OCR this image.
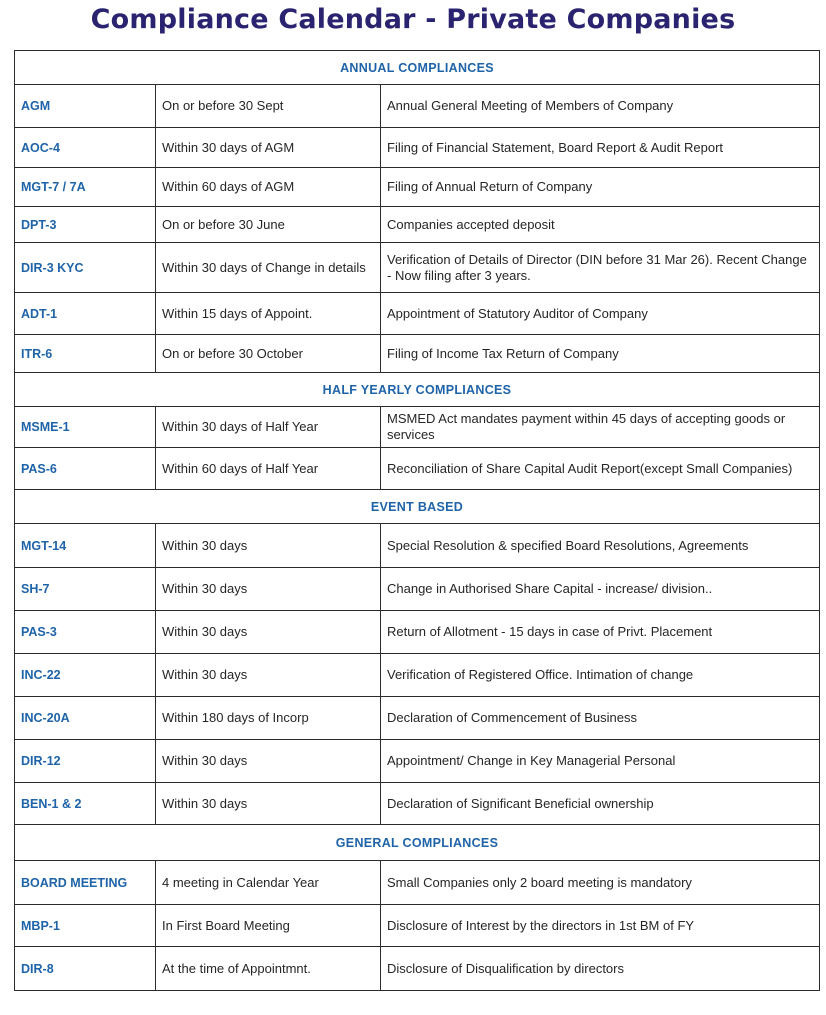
Compliance Calendar - Private Companies
ANNUAL COMPLIANCES		
AGM	On or before 30 Sept	Annual General Meeting of Members of Company
AOC-4	Within 30 days of AGM	Filing of Financial Statement, Board Report & Audit Report
MGT-7 / 7A	Within 60 days of AGM	Filing of Annual Return of Company
DPT-3	On or before 30 June	Companies accepted deposit
DIR-3 KYC	Within 30 days of Change in details	Verification of Details of Director (DIN before 31 Mar 26). Recent Change - Now filing after 3 years.
ADT-1	Within 15 days of Appoint.	Appointment of Statutory Auditor of Company
ITR-6	On or before 30 October	Filing of Income Tax Return of Company
HALF YEARLY COMPLIANCES		
MSME-1	Within 30 days of Half Year	MSMED Act mandates payment within 45 days of accepting goods or services
PAS-6	Within 60 days of Half Year	Reconciliation of Share Capital Audit Report(except Small Companies)
EVENT BASED		
MGT-14	Within 30 days	Special Resolution & specified Board Resolutions, Agreements
SH-7	Within 30 days	Change in Authorised Share Capital - increase/ division..
PAS-3	Within 30 days	Return of Allotment - 15 days in case of Privt. Placement
INC-22	Within 30 days	Verification of Registered Office. Intimation of change
INC-20A	Within 180 days of Incorp	Declaration of Commencement of Business
DIR-12	Within 30 days	Appointment/ Change in Key Managerial Personal
BEN-1 & 2	Within 30 days	Declaration of Significant Beneficial ownership
GENERAL COMPLIANCES		
BOARD MEETING	4 meeting in Calendar Year	Small Companies only 2 board meeting is mandatory
MBP-1	In First Board Meeting	Disclosure of Interest by the directors in 1st BM of FY
DIR-8	At the time of Appointmnt.	Disclosure of Disqualification by directors
